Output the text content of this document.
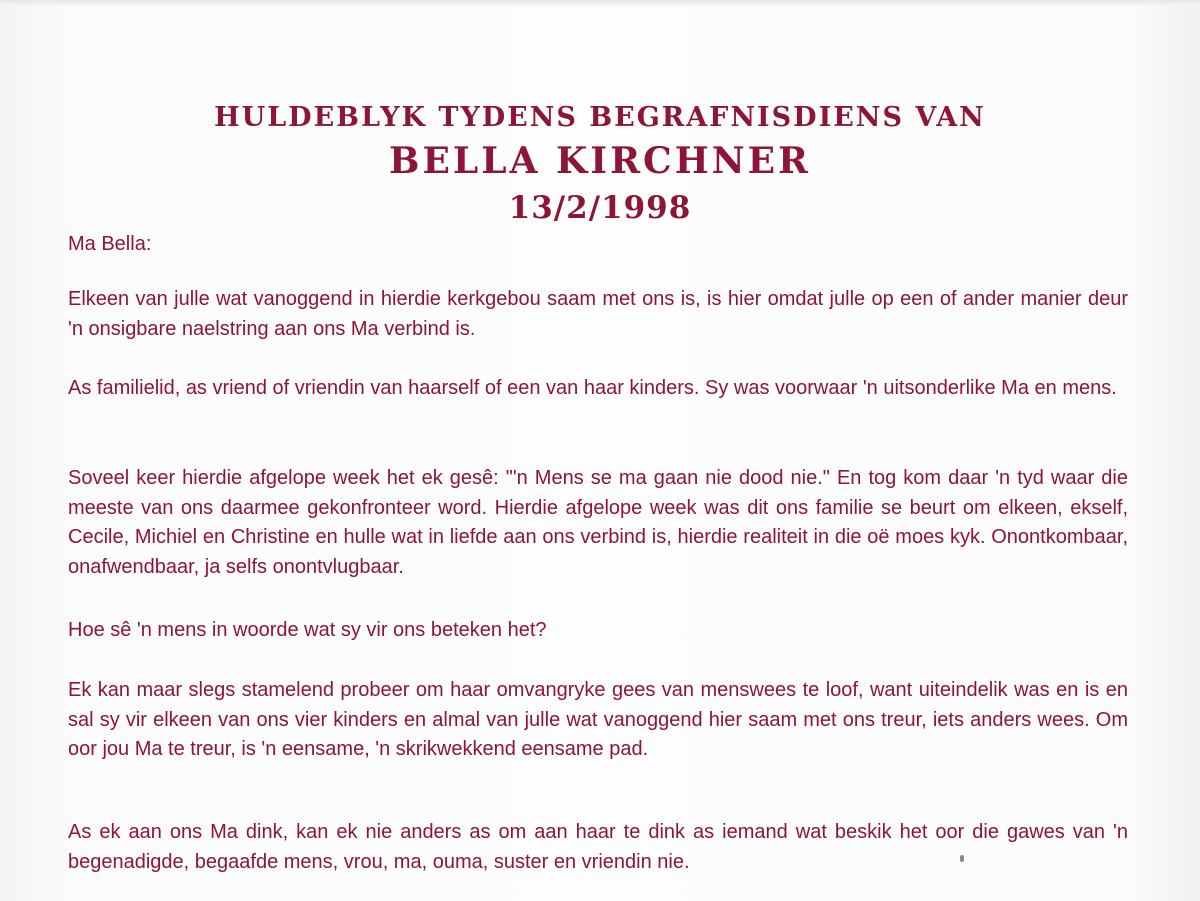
HULDEBLYK TYDENS BEGRAFNISDIENS VAN
BELLA KIRCHNER
13/2/1998

Ma Bella:

Elkeen van julle wat vanoggend in hierdie kerkgebou saam met ons is, is hier omdat julle op een of ander manier deur 'n onsigbare naelstring aan ons Ma verbind is.

As familielid, as vriend of vriendin van haarself of een van haar kinders. Sy was voorwaar 'n uitsonderlike Ma en mens.

Soveel keer hierdie afgelope week het ek gesê: "'n Mens se ma gaan nie dood nie." En tog kom daar 'n tyd waar die meeste van ons daarmee gekonfronteer word. Hierdie afgelope week was dit ons familie se beurt om elkeen, ekself, Cecile, Michiel en Christine en hulle wat in liefde aan ons verbind is, hierdie realiteit in die oë moes kyk. Onontkombaar, onafwendbaar, ja selfs onontvlugbaar.

Hoe sê 'n mens in woorde wat sy vir ons beteken het?

Ek kan maar slegs stamelend probeer om haar omvangryke gees van menswees te loof, want uiteindelik was en is en sal sy vir elkeen van ons vier kinders en almal van julle wat vanoggend hier saam met ons treur, iets anders wees. Om oor jou Ma te treur, is 'n eensame, 'n skrikwekkend eensame pad.

As ek aan ons Ma dink, kan ek nie anders as om aan haar te dink as iemand wat beskik het oor die gawes van 'n begenadigde, begaafde mens, vrou, ma, ouma, suster en vriendin nie.
